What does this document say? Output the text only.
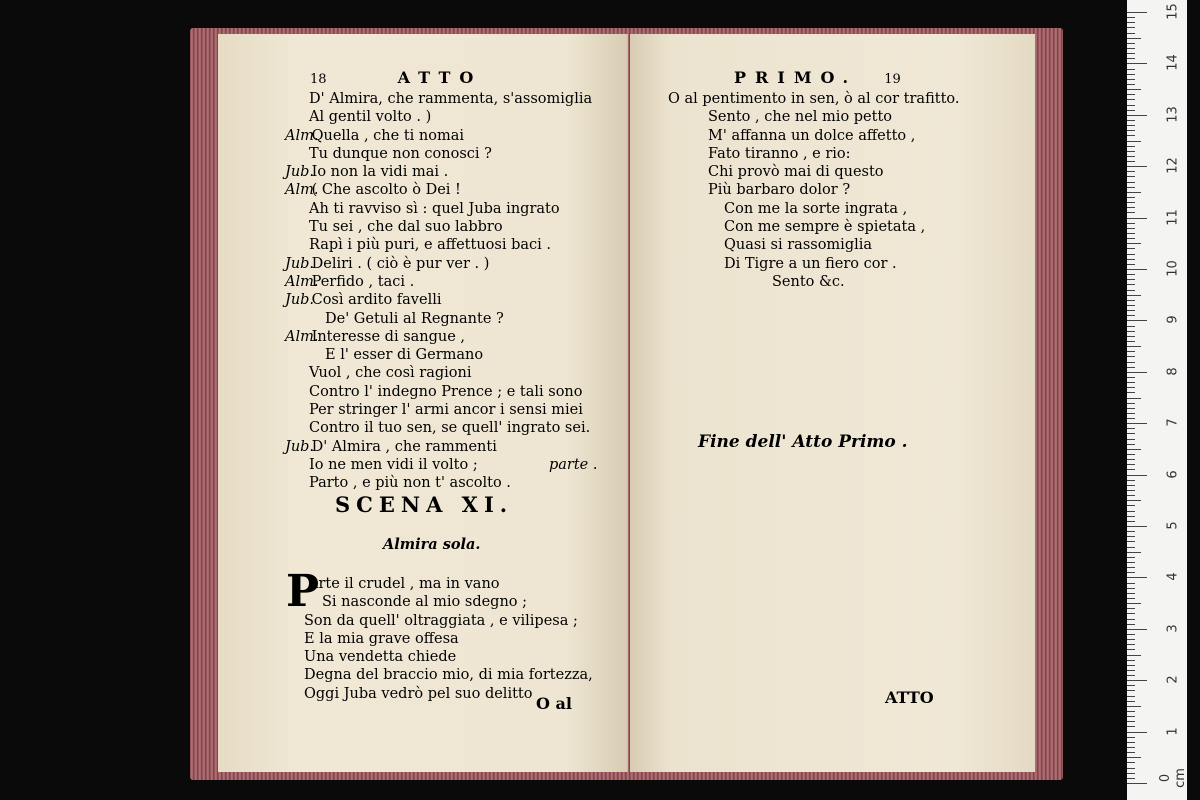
18	ATTO
D' Almira, che rammenta, s'assomiglia
Al gentil volto . )
Alm. Quella , che ti nomai
Tu dunque non conosci ?
Jub. Io non la vidi mai .
Alm. ( Che ascolto ò Dei !
Ah ti ravviso sì : quel Juba ingrato
Tu sei , che dal suo labbro
Rapì i più puri, e affettuosi baci .
Jub. Deliri . ( ciò è pur ver . )
Alm. Perfido , taci .
Jub. Così ardito favelli
De' Getuli al Regnante ?
Alm. Interesse di sangue ,
E l' esser di Germano
Vuol , che così ragioni
Contro l' indegno Prence ; e tali sono
Per stringer l' armi ancor i sensi miei
Contro il tuo sen, se quell' ingrato sei.
Jub. D' Almira , che rammenti
Io ne men vidi il volto ;
Parto , e più non t' ascolto .
parte .
SCENA XI.
Almira sola.
P
Arte il crudel , ma in vano
Si nasconde al mio sdegno ;
Son da quell' oltraggiata , e vilipesa ;
E la mia grave offesa
Una vendetta chiede
Degna del braccio mio, di mia fortezza,
Oggi Juba vedrò pel suo delitto
O al
PRIMO. 19
O al pentimento in sen, ò al cor trafitto.
Sento , che nel mio petto
M' affanna un dolce affetto ,
Fato tiranno , e rio:
Chi provò mai di questo
Più barbaro dolor ?
Con me la sorte ingrata ,
Con me sempre è spietata ,
Quasi si rassomiglia
Di Tigre a un fiero cor .
Sento &c.
Fine dell' Atto Primo .
ATTO
15
14
13
12
11
10
9
8
7
6
5
4
3
2
1
0 cm
